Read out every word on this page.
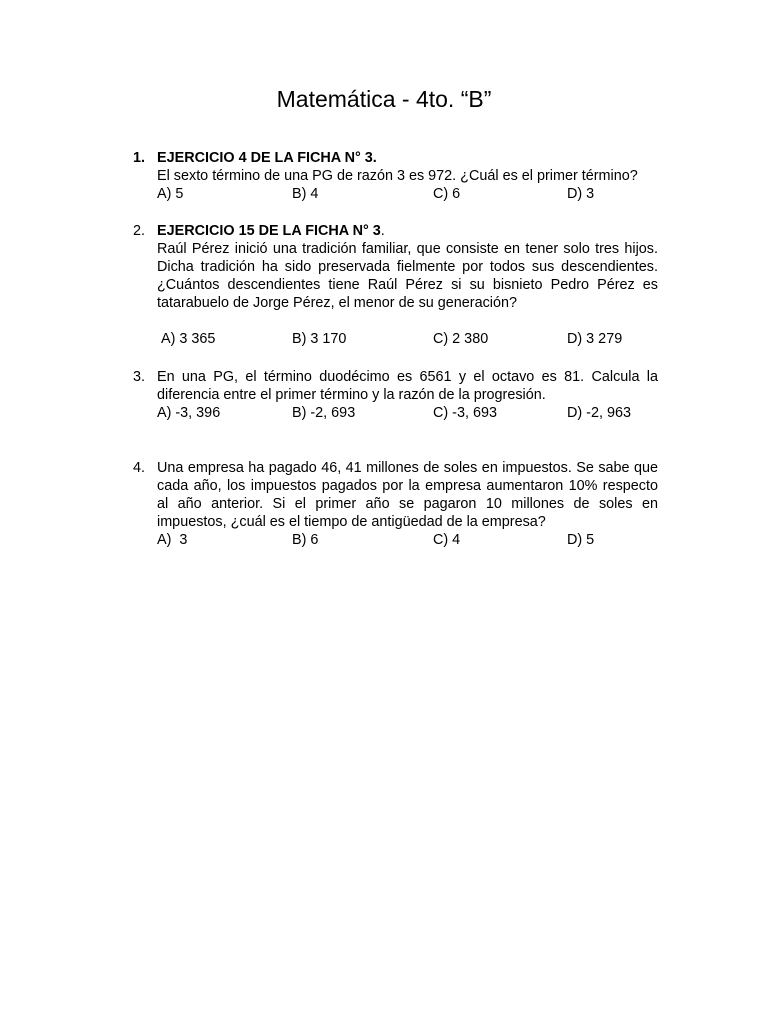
Matemática - 4to. “B”
1. EJERCICIO 4 DE LA FICHA N° 3.
El sexto término de una PG de razón 3 es 972. ¿Cuál es el primer término?
A) 5	B) 4	C) 6	D) 3
2. EJERCICIO 15 DE LA FICHA N° 3.
Raúl Pérez inició una tradición familiar, que consiste en tener solo tres hijos. Dicha tradición ha sido preservada fielmente por todos sus descendientes. ¿Cuántos descendientes tiene Raúl Pérez si su bisnieto Pedro Pérez es tatarabuelo de Jorge Pérez, el menor de su generación?
A) 3 365	B) 3 170	C) 2 380	D) 3 279
3. En una PG, el término duodécimo es 6561 y el octavo es 81. Calcula la diferencia entre el primer término y la razón de la progresión.
A) -3, 396	B) -2, 693	C) -3, 693	D) -2, 963
4. Una empresa ha pagado 46, 41 millones de soles en impuestos. Se sabe que cada año, los impuestos pagados por la empresa aumentaron 10% respecto al año anterior. Si el primer año se pagaron 10 millones de soles en impuestos, ¿cuál es el tiempo de antigüedad de la empresa?
A)  3	B) 6	C) 4	D) 5
